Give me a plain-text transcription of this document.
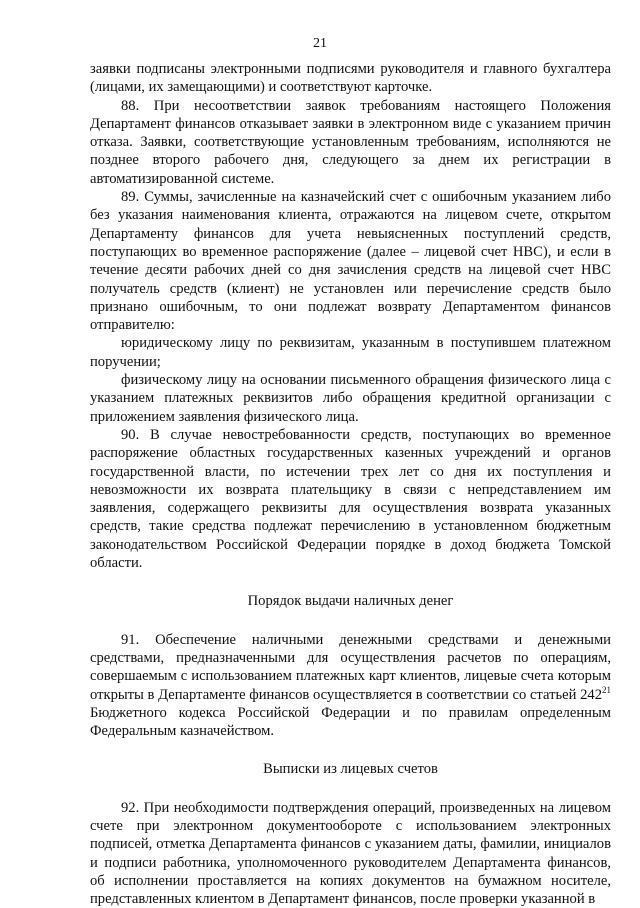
21

заявки подписаны электронными подписями руководителя и главного бухгалтера (лицами, их замещающими) и соответствуют карточке.

88. При несоответствии заявок требованиям настоящего Положения Департамент финансов отказывает заявки в электронном виде с указанием причин отказа. Заявки, соответствующие установленным требованиям, исполняются не позднее второго рабочего дня, следующего за днем их регистрации в автоматизированной системе.

89. Суммы, зачисленные на казначейский счет с ошибочным указанием либо без указания наименования клиента, отражаются на лицевом счете, открытом Департаменту финансов для учета невыясненных поступлений средств, поступающих во временное распоряжение (далее – лицевой счет НВС), и если в течение десяти рабочих дней со дня зачисления средств на лицевой счет НВС получатель средств (клиент) не установлен или перечисление средств было признано ошибочным, то они подлежат возврату Департаментом финансов отправителю:

юридическому лицу по реквизитам, указанным в поступившем платежном поручении;

физическому лицу на основании письменного обращения физического лица с указанием платежных реквизитов либо обращения кредитной организации с приложением заявления физического лица.

90. В случае невостребованности средств, поступающих во временное распоряжение областных государственных казенных учреждений и органов государственной власти, по истечении трех лет со дня их поступления и невозможности их возврата плательщику в связи с непредставлением им заявления, содержащего реквизиты для осуществления возврата указанных средств, такие средства подлежат перечислению в установленном бюджетным законодательством Российской Федерации порядке в доход бюджета Томской области.

Порядок выдачи наличных денег

91. Обеспечение наличными денежными средствами и денежными средствами, предназначенными для осуществления расчетов по операциям, совершаемым с использованием платежных карт клиентов, лицевые счета которым открыты в Департаменте финансов осуществляется в соответствии со статьей $242^{21}$ Бюджетного кодекса Российской Федерации и по правилам определенным Федеральным казначейством.

Выписки из лицевых счетов

92. При необходимости подтверждения операций, произведенных на лицевом счете при электронном документообороте с использованием электронных подписей, отметка Департамента финансов с указанием даты, фамилии, инициалов и подписи работника, уполномоченного руководителем Департамента финансов, об исполнении проставляется на копиях документов на бумажном носителе, представленных клиентом в Департамент финансов, после проверки указанной в
